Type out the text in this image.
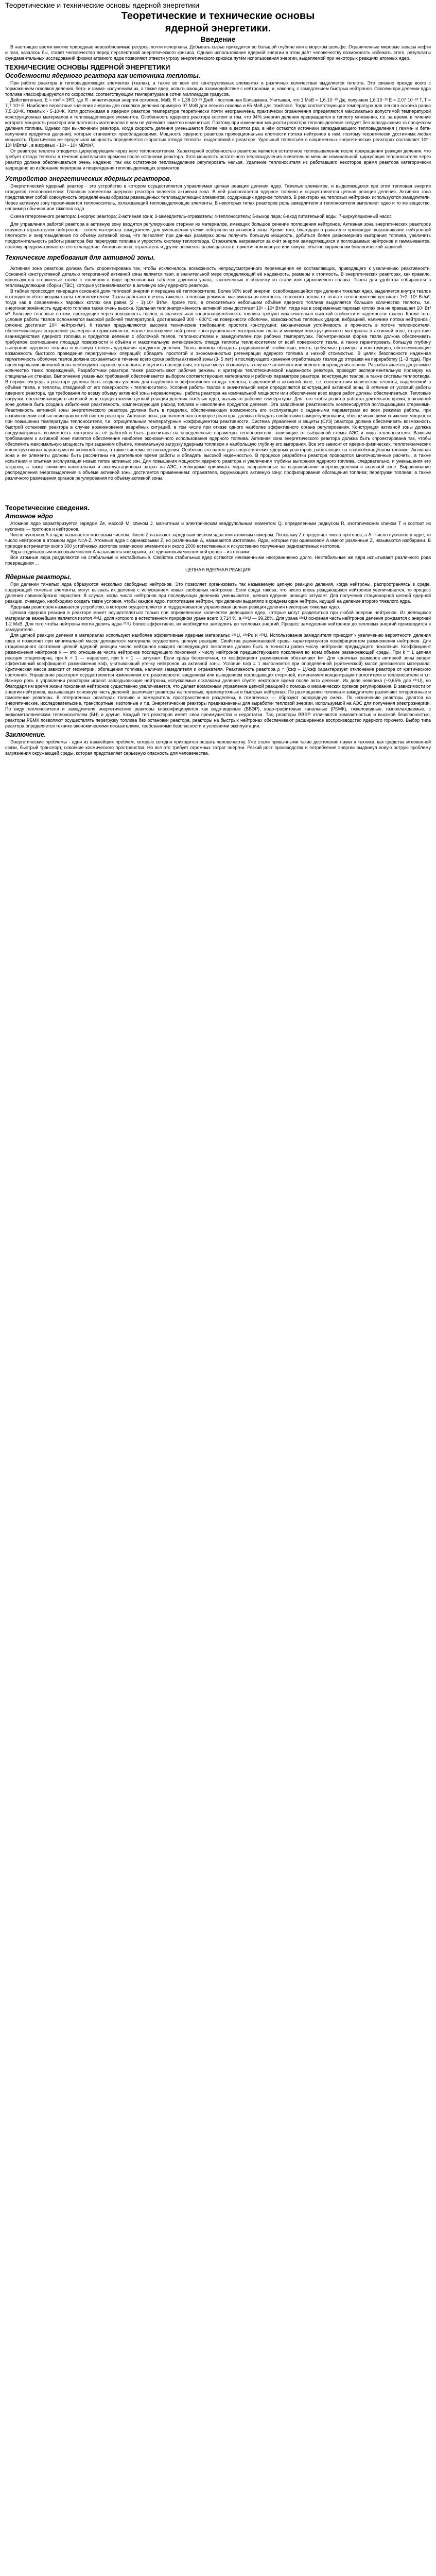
Теоретические и технические основы ядерной энергетики
Теоретические и технические основы
ядерной энергетики.
Введение

В настоящее время многие природные невозобновимые ресурсы почти исчерпаны. Добывать сырье приходится во большой глубине или в морском шельфе. Ограниченные мировые запасы нефти и газа, казалось бы, ставят человечество перед перспективой энергетического кризиса. Однако использование ядерной энергии в этом даёт человечеству возможность избежать этого, результаты фундаментальных исследований физики атомного ядра позволяют отвести угрозу энергетического кризиса путём использования энергии, выделяемой при некоторых реакциях атомных ядер.

ТЕХНИЧЕСКИЕ ОСНОВЫ ЯДЕРНОЙ ЭНЕРГЕТИКИ
Особенности ядерного реактора как источника теплоты.

При работе реактора в тепловыделяющих элементах (твэлах), а также во всех его конструктивных элементах в различных количествах выделяется теплота. Это связано прежде всего с торможением осколков деления, бета- и гамма- излучением их, а также ядер, испытывающих взаимодействие с нейтронами, и, наконец, с замедлением быстрых нейтронов. Осколки при делении ядра топлива классифицируются по скоростям, соответствующим температурам в сотни миллиардов градусов.

Действительно, E = mv² = 3RT, где R - кинетическая энергия осколков, МэВ; R = 1,38·10⁻²³ Дж/К - постоянная Больцмана. Учитывая, что 1 МэВ = 1,6·10⁻¹³ Дж, получаем 1,6·10⁻¹³ E = 2,07·10⁻²³ T, T = 7,7·10⁹ E. Наиболее вероятные значения энергии для осколков деления примерно 97 МэВ для легкого осколка и 65 МэВ для тяжёлого. Тогда соответствующая температура для легкого осколка равна 7,5·10¹¹К, тяжелых - 5·10¹¹К. Хотя достижимая в ядерном реакторе температура теоретически почти неограничена, практически ограничения определяются максимально допустимой температурой конструкционных материалов и тепловыделяющих элементов. Особенность ядерного реактора состоит в том, что 94% энергии деления превращается в теплоту мгновенно, т.е. за время, в течение которого мощность реактора или плотность материалов в нем не успевают заметно измениться. Поэтому при изменении мощности реактора тепловыделение следует без запаздывания за процессом деления топлива. Однако при выключении реактора, когда скорость деления уменьшается более чем в десятки раз, в нём остаются источники запаздывающего тепловыделения ( гамма- и бета-излучение продуктов деления), которые становятся преобладающими. Мощность ядерного реактора пропорциональна плотности потока нейтронов в нем, поэтому теоретически достижима любая мощность. Практически же предельная мощность определяется скоростью отвода теплоты, выделяемой в реакторе. Удельный теплосъём в современных энергетических реакторах составляет 10² - 10³ МВт/м³ , в вихревых - 10⁴ - 10⁵ МВт/м³.

От реактора теплота отводится циркулирующим через него теплоносителем. Характерной особенностью реактора является остаточное тепловыделение после прекращения реакции деления, что требует отвода теплоты в течение длительного времени после остановки реактора. Хотя мощность остаточного тепловыделения значительно меньше номинальной, циркуляция теплоносителя через реактор должна обеспечиваться очень надежно, так как остаточное тепловыделение регулировать нельзя. Удаление теплоносителя из работавшего некоторое время реактора категорически запрещено во избежание перегрева и повреждения тепловыделяющих элементов.

Устройство энергетических ядерных реакторов.

Энергетический ядерный реактор - это устройство в котором осуществляется управляемая цепная реакция деления ядер. Тяжелых элементов, и выделяющаяся при этом тепловая энергия отводится теплоносителем. Главным элементом ядерного реактора является активная зона. В ней располагается ядерное топливо и осуществляется цепная реакция деления. Активная зона представляет собой совокупность определённым образом размещенных тепловыделяющих элементов, содержащих ядерное топливо. В реакторах на тепловых нейтронах используются замедлители. Через активную зону прокачивается теплоноситель, охлаждающий тепловыделяющие элементы. В некоторых типах реакторов роль замедлителя и теплоносителя выполняет одно и то же вещество, например обычная или тяжелая вода.

Схема гетерогенного реактора: 1-корпус реактора; 2-активная зона; 3-замедлитель-отражатель; 4-теплоноситель; 5-выход пара; 6-вход питательной воды; 7-циркуляционный насос

Для управления работой реактора в активную зону вводятся регулирующие стержни из материалов, имеющих большое сечение поглощения нейтронов. Активная зона энергетических реакторов окружена отражателем нейтронов - слоем материала замедлителя для уменьшения утечки нейтронов из активной зоны. Кроме того, благодаря отражателю происходит выравнивание нейтронной плотности и энерговыделения по объёму активной зоны, что позволяет при данных размерах зоны получить большую мощность, добиться более равномерного выгорания топлива, увеличить продолжительность работы реактора без перегрузки топлива и упростить систему теплоотвода. Отражатель нагревается за счёт энергии замедляющихся и поглощаемых нейтронов и гамма-квантов, поэтому предусматривается его охлаждение. Активная зона, отражатель и другие элементы размещаются в герметичном корпусе или кожухе, обычно окруженном биологической защитой.

Технические требования для активной зоны.

Активная зона реактора должна быть спроектирована так, чтобы исключалось возможность непредусмотренного перемещения её составляющих, приводящего к увеличению реактивности. Основной конструктивной деталью гетерогенной активной зоны является твэл, в значительной мере определяющий её надежность, размеры и стоимость. В энергетических реакторах, как правило, используются стержневые твэлы с топливом в виде прессованных таблеток двуокиси урана, заключенных в оболочку из стали или циркониевого сплава. Твэлы для удобства собираются в тепловыделяющие сборки (ТВС), которые устанавливаются в активную зону ядерного реактора.

В таблах происходит генерация основной доли тепловой энергии и передача её теплоносителю. Более 90% всей энергии, освобождающейся при делении тяжелых ядер, выделяется внутри твэлов и отводится обтекающим твэлы теплоносителем. Твэлы работают в очень тяжелых тепловых режимах: максимальная плотность теплового потока от твэла к теплоносителю достигает 1÷2 ·10⁶ Вт/м², тогда как в современных паровых котлах она равна (2 - 3)·10⁵ Вт/м². Кроме того, в относительно небольшом объёме ядерного топлива выделяется большое количество теплоты, т.е. энергонапряжённость ядерного топлива также очень высока. Удельная теплонапряжённость активной зоны достигает 10⁸ - 10⁹ Вт/м³, тогда как в современных паровых котлах она не превышает 10⁷ Вт/м³. Большие тепловые потоки, проходящие через поверхность твэлов, и значительная энергонапряжённость топлива требуют исключительно высокой стойкости и надежности твэлов. Кроме того, условия работы твэлов осложняются высокой рабочей температурой, достигающей 300 - 600°С на поверхности оболочки, возможностью тепловых ударов, вибрацией, наличием потока нейтронов ( флюенс достигает 10²⁷ нейтрон/м²). К твэлам предъявляются высокие технические требования: простота конструкции; механическая устойчивость и прочность в потоке теплоносителя, обеспечивающая сохранение размеров и герметичности; малое поглощение нейтронов конструкционным материалом твэла и минимум конструкционного материала в активной зоне; отсутствие взаимодействия ядерного топлива и продуктов деления с оболочкой твэлов, теплоносителем и замедлителем при рабочих температурах. Геометрическая форма твэла должна обеспечивать требуемое соотношение площади поверхности и объёма и максимальную интенсивность отвода теплоты теплоносителем от всей поверхности твэла, а также гарантировать большую глубину выгорания ядерного топлива и высокую степень удержания продуктов деления. Твэлы должны обладать радиационной стойкостью, иметь требуемые размеры и конструкцию, обеспечивающие возможность быстрого проведения перегрузочных операций; обладать простотой и экономичностью регенерации ядерного топлива и низкой стоимостью. В целях безопасности надежная герметичность оболочек твэлов должна сохраняться в течение всего срока работы активной зоны (3- 5 лет) и последующего хранения отработавших твэлов до отправки на переработку (1 -3 года). При проектировании активной зоны необходимо заранее установить и оценить последствия, которые могут возникнуть в случае частичного или полного повреждения твэлов. Разрабатывается допустимое количество таких повреждений, Разработчики реактора также рассчитывают рабочие режимы и критерии теплотехнической надежности реактора, проводят экспериментальную проверку на специальных стендах. Выполнение указанных требований обеспечивается выбором соответствующих материалов и рабочих параметров реактора, конструкции твэлов, а также системы теплоотвода. В первую очередь в реакторе должны быть созданы условия для надёжного и эффективного отвода теплоты, выделяемой в активной зоне, т.е. соответствия количества теплоты, выделяемой в объёме твэла, и теплоты, отводимой от его поверхности к теплоносителю. Условия работы твэлов в значительной мере определяются конструкцией активной зоны. В отличие от условий работы ядерного реактора, где требования по всему объему активной зоны неравномерны, работа реактора на номинальной мощности или обеспечение всех видов работ должны обеспечиваться. Тепловые нагрузки, обеспечивающие в активной зоне осуществление цепной реакции деления тяжёлых ядер, вызывают рабочие температуры. Для того чтобы реактор работал длительное время, в активной зоне должна быть создана избыточная реактивность, компенсирующая расход топлива и накопление продуктов деления. Эта запасённая реактивность компенсируется поглощающими стержнями. Реактивность активной зоны энергетического реактора должна быть в пределах, обеспечивающих возможность его эксплуатации с заданными параметрами во всех режимах работы, при возникновении любых неисправностей систем реактора. Активная зона, расположенная в корпусе реактора, должна обладать свойствами саморегулирования, обеспечивающими снижение мощности при повышении температуры теплоносителя, т.е. отрицательным температурным коэффициентом реактивности. Система управления и защиты (СУЗ) реактора должна обеспечивать возможность быстрой остановки реактора в случае возникновения аварийных ситуаций, в том числе при отказе одного наиболее эффективного органа регулирования. Конструкция активной зоны должна предусматривать возможность контроля за её работой и быть рассчитана на определенные параметры теплоносителя, зависящие от выбранной схемы АЭС и вида теплоносителя. Важным требованием к активной зоне является обеспечение наиболее экономичного использования ядерного топлива. Активная зона энергетического реактора должна быть спроектирована так, чтобы обеспечить максимальную мощность при заданном объёме, минимальную загрузку ядерным топливом и наибольшую глубину его выгорания. Все это зависит от ядерно-физических, теплотехнических и конструктивных характеристик активной зоны, а также системы её охлаждения. Особенно это важно для энергетических ядерных реакторов, работающих на слабообогащённом топливе. Активная зона и её элементы должны быть рассчитаны на длительное время работы и обладать высокой надежностью. В процессе разработки реактора проводятся многочисленные расчеты, а также испытания и опытная эксплуатация новых типов активных зон. Для повышения мощности ядерного реактора и увеличения глубины выгорания ядерного топлива, следовательно, и уменьшения его загрузки, а также снижения капитальных и эксплуатационных затрат на АЭС, необходимо принимать меры, направленные на выравнивание энерговыделения в активной зоне. Выравнивание распределения энерговыделения в объёме активной зоны достигается применением: отражателя, окружающего активную зону; профилирования обогащения топлива; перегрузки топлива; а также различного размещения органов регулирования по объёму активной зоны.

Теоретические сведения.
Атомное ядро

Атомное ядро характеризуется зарядом Ze, массой M, спином J, магнитным и электрическим квадрупольным моментом Q, определенным радиусом R, изотопическим спином T и состоит из нуклонов — протонов и нейтронов.

Число нуклонов A в ядре называется массовым числом. Число Z называют зарядовым числом ядра или атомным номером. Поскольку Z определяет число протонов, а A - число нуклонов в ядре, то число нейтронов в атомном ядре N=A-Z. Атомные ядра с одинаковыми Z, но различными A, называются изотопами. Ядра, которые при одинаковом A имеют различные Z, называются изобарами. В природе встречается около 300 устойчивых изотопов химических элементов и около 2000 естественных и искусственно полученных радиоактивных изотопов.

Ядра с одинаковым массовым числом A называются изобарами, а с одинаковым числом нейтронов – изотонами.

Все атомные ядра разделяются на стабильные и нестабильные. Свойства стабильных ядер остаются неизменными неограниченно долго. Нестабильные же ядра испытывают различного рода превращения ...

ЦЕПНАЯ ЯДЕРНАЯ РЕАКЦИЯ
Ядерные реакторы.

При делении тяжелых ядра образуются несколько свободных нейтронов. Это позволяет организовать так называемую цепную реакцию деления, когда нейтроны, распространяясь в среде, содержащей тяжелые элементы, могут вызвать их деление с испусканием новых свободных нейтронов. Если среда такова, что число вновь рождающихся нейтронов увеличивается, то процесс деления лавинообразно нарастает. В случае, когда число нейтронов при последующих делениях уменьшается, цепная ядерная реакция затухает. Для получения стационарной цепной ядерной реакции, очевидно, необходимо создать такие условия, чтобы каждое ядро, поглотившее нейтрон, при делении выделяло в среднем один нейтрон, идущий на деление второго тяжелого ядра.

Ядерным реактором называется устройство, в котором осуществляется и поддерживается управляемая цепная реакция деления некоторых тяжелых ядер.

Цепная ядерная реакция в реакторе может осуществляться только при определенном количестве делящихся ядер, которые могут разделиться при любой энергии нейтронов. Из делящихся материалов важнейшим является изотоп ²³⁵U, доля которого в естественном природном уране всего 0,714 %, а ²³⁸U — 99,28%. Для урана ²³⁵U основная часть нейтронов деления рождается с энергией 1-2 МэВ. Для того чтобы нейтроны могли делить ядра ²³⁵U более эффективно, их необходимо замедлить до тепловых энергий. Процесс замедления нейтронов до тепловых энергий производится в замедлителе...

Для цепной реакции деления в материалах используют наиболее эффективные ядерные материалы: ²³⁵U, ²³⁹Pu и ²³³U. Использование замедлителя приводит к увеличению вероятности деления ядер и позволяет при минимальной массе делящегося материала осуществить цепную реакцию. Свойства размножающей среды характеризуются коэффициентом размножения нейтронов. Для стационарного состояния цепной ядерной реакции число нейтронов каждого последующего поколения должно быть в точности равно числу нейтронов предыдущего поколения. Коэффициент размножения нейтронов k — это отношение числа нейтронов последующего поколения к числу нейтронов предшествующего поколения во всем объеме размножающей среды. При k = 1 цепная реакция стационарна, при k > 1 — нарастает, при k < 1 — затухает. Если среда бесконечная, то коэффициент размножения обозначают k∞. Для конечных размеров активной зоны вводят эффективный коэффициент размножения kэф, учитывающий утечку нейтронов из активной зоны. Условие kэф = 1 выполняется при определённой (критической) массе делящегося материала. Критическая масса зависит от геометрии, обогащения топлива, наличия замедлителя и отражателя. Реактивность реактора ρ = (kэф – 1)/kэф характеризует отклонение реактора от критического состояния. Управление реактором осуществляется изменением его реактивности: введением или выведением поглощающих стержней, изменением концентрации поглотителя в теплоносителе и т.п. Важную роль в управлении реактором играют запаздывающие нейтроны, испускаемые осколками деления спустя некоторое время после акта деления. Их доля невелика (~0,65% для ²³⁵U), но благодаря им время жизни поколения нейтронов существенно увеличивается, что делает возможным управление цепной реакцией с помощью механических органов регулирования. В зависимости от энергии нейтронов, вызывающих основную часть делений, различают реакторы на тепловых, промежуточных и быстрых нейтронах. По размещению топлива и замедлителя различают гетерогенные и гомогенные реакторы. В гетерогенных реакторах топливо и замедлитель пространственно разделены, в гомогенных — образуют однородную смесь. По назначению реакторы делятся на энергетические, исследовательские, транспортные, изотопные и т.д. Энергетические реакторы предназначены для выработки тепловой энергии, используемой на АЭС для получения электроэнергии. По виду теплоносителя и замедлителя энергетические реакторы классифицируются как водо-водяные (ВВЭР), водо-графитовые канальные (РБМК), тяжеловодные, газоохлаждаемые, с жидкометаллическим теплоносителем (БН) и другие. Каждый тип реакторов имеет свои преимущества и недостатки. Так, реакторы ВВЭР отличаются компактностью и высокой безопасностью, реакторы РБМК позволяют осуществлять перегрузку топлива без остановки реактора, реакторы на быстрых нейтронах обеспечивают расширенное воспроизводство ядерного горючего. Выбор типа реактора определяется технико-экономическими показателями, требованиями безопасности и условиями эксплуатации.

Заключение.

Энергетические проблемы - одни из важнейших проблем, которые сегодня приходится решать человечеству. Уже стали привычными такие достижения науки и техники, как средства мгновенной связи, быстрый транспорт, освоение космического пространства. Но все это требует огромных затрат энергии. Резкий рост производства и потребления энергии выдвинул новую острую проблему загрязнения окружающей среды, которая представляет серьезную опасность для человечества.
